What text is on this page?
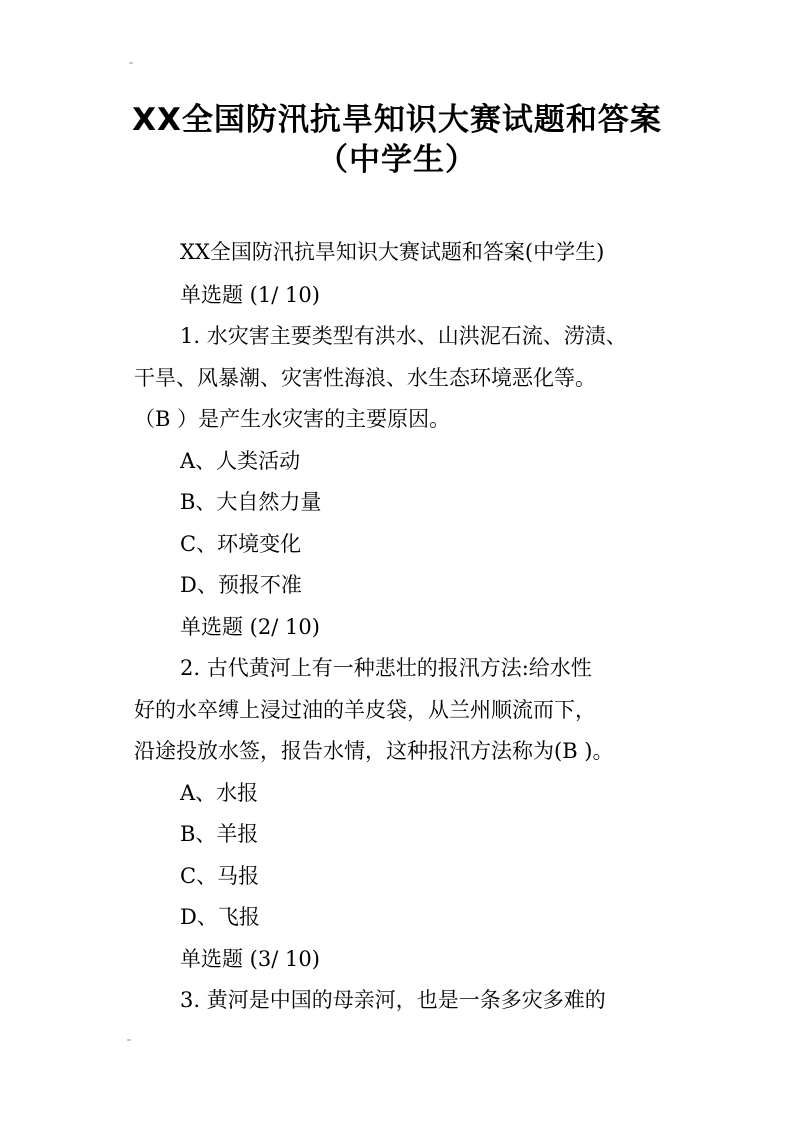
XX全国防汛抗旱知识大赛试题和答案
（中学生）
XX全国防汛抗旱知识大赛试题和答案(中学生)
单选题 (1/ 10)
1. 水灾害主要类型有洪水、山洪泥石流、涝渍、
干旱、风暴潮、灾害性海浪、水生态环境恶化等。
（B ）是产生水灾害的主要原因。
A、人类活动
B、大自然力量
C、环境变化
D、预报不准
单选题 (2/ 10)
2. 古代黄河上有一种悲壮的报汛方法:给水性
好的水卒缚上浸过油的羊皮袋，从兰州顺流而下，
沿途投放水签，报告水情，这种报汛方法称为(B )。
A、水报
B、羊报
C、马报
D、飞报
单选题 (3/ 10)
3. 黄河是中国的母亲河，也是一条多灾多难的
